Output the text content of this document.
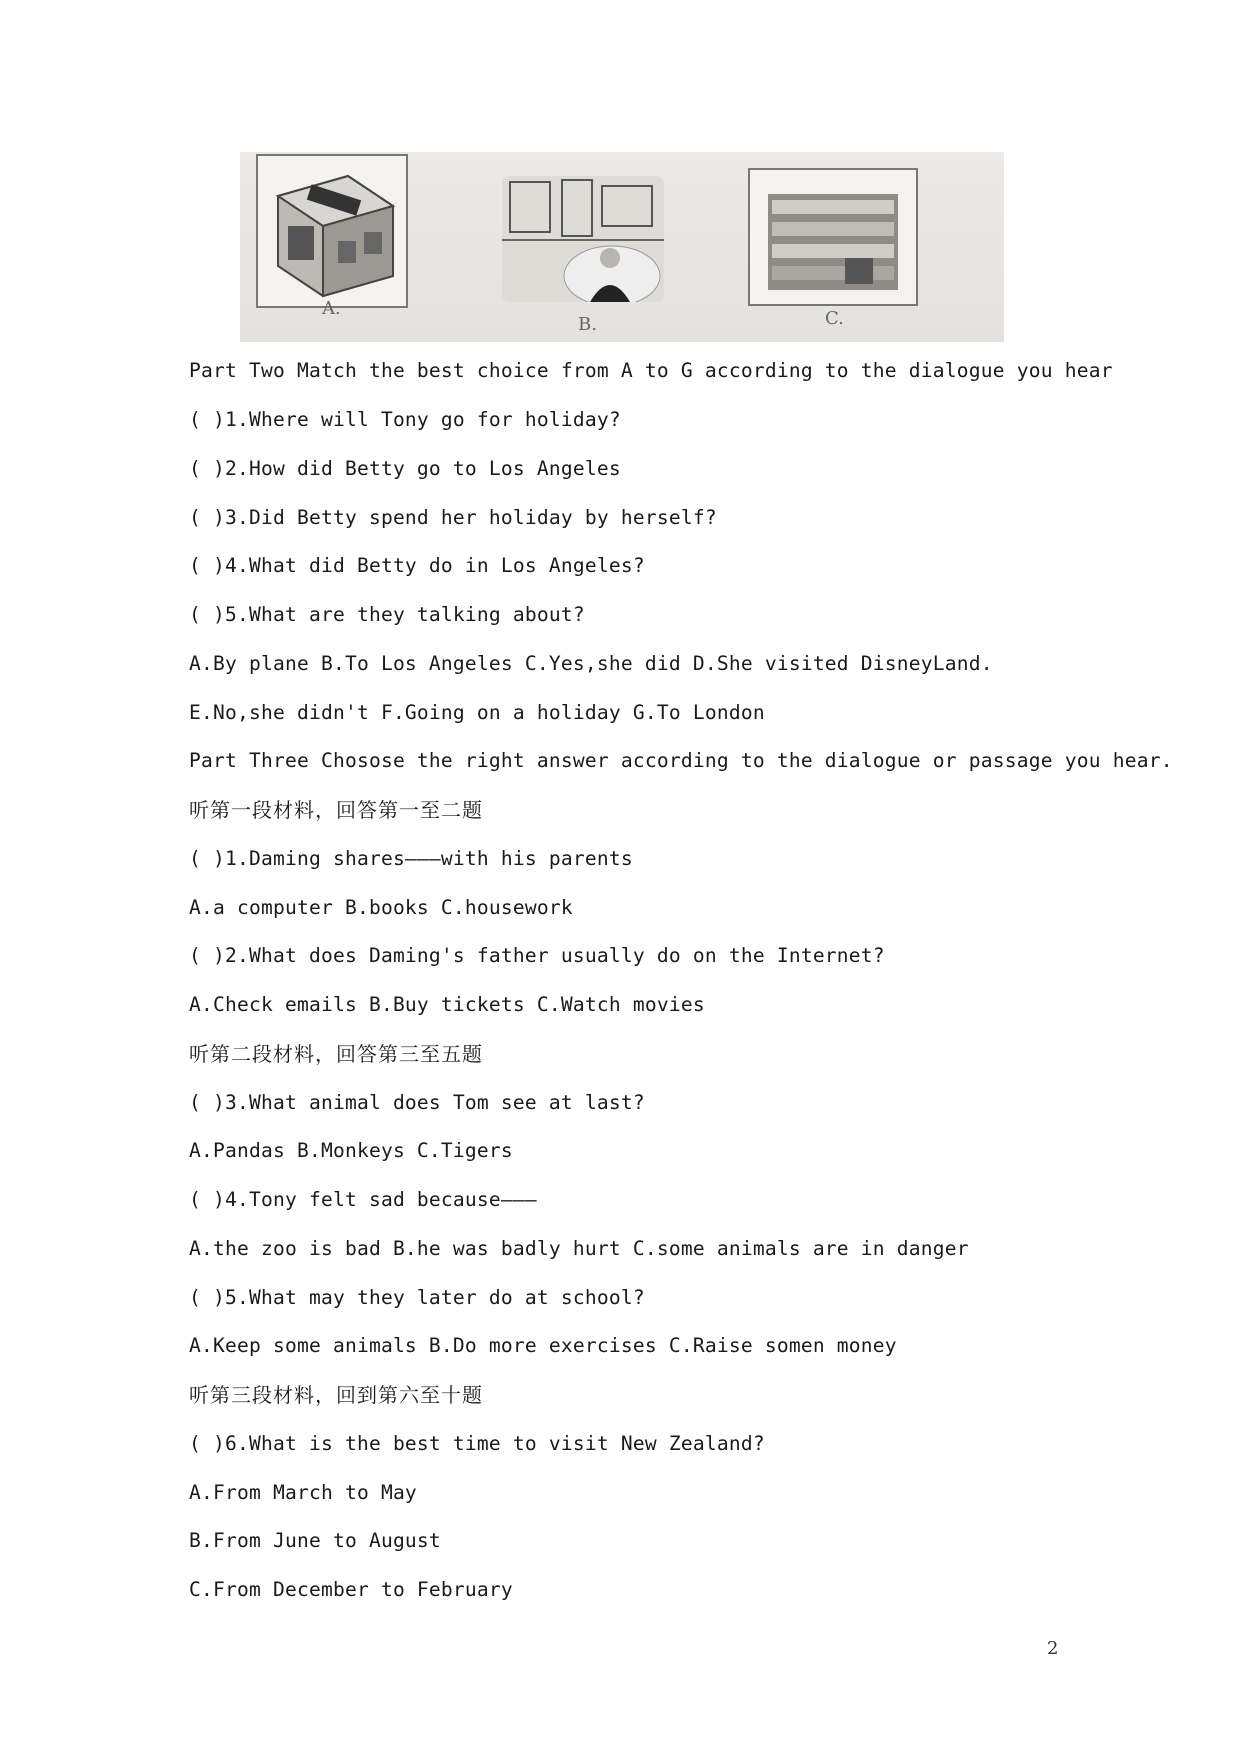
A.
B.	C.
Part Two Match the best choice from A to G according to the dialogue you hear
( )1.Where will Tony go for holiday?
( )2.How did Betty go to Los Angeles
( )3.Did Betty spend her holiday by herself?
( )4.What did Betty do in Los Angeles?
( )5.What are they talking about?
A.By plane B.To Los Angeles C.Yes,she did D.She visited DisneyLand.
E.No,she didn't F.Going on a holiday G.To London
Part Three Chosose the right answer according to the dialogue or passage you hear.
听第一段材料，回答第一至二题
( )1.Daming shares———with his parents
A.a computer B.books C.housework
( )2.What does Daming's father usually do on the Internet?
A.Check emails B.Buy tickets C.Watch movies
听第二段材料，回答第三至五题
( )3.What animal does Tom see at last?
A.Pandas B.Monkeys C.Tigers
( )4.Tony felt sad because———
A.the zoo is bad B.he was badly hurt C.some animals are in danger
( )5.What may they later do at school?
A.Keep some animals B.Do more exercises C.Raise somen money
听第三段材料，回到第六至十题
( )6.What is the best time to visit New Zealand?
A.From March to May
B.From June to August
C.From December to February
2
